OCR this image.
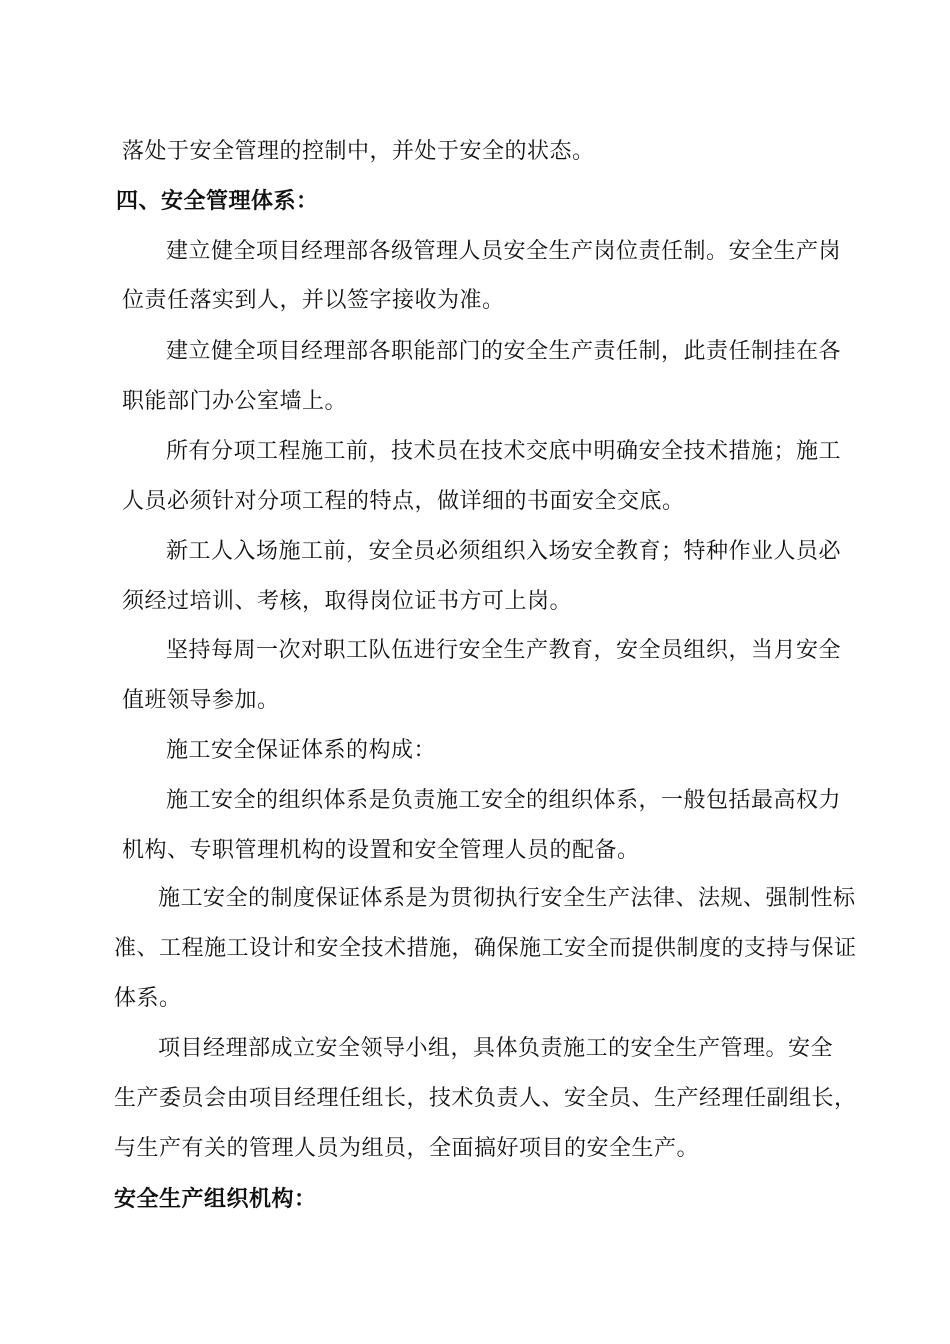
落处于安全管理的控制中，并处于安全的状态。
四、安全管理体系：
建立健全项目经理部各级管理人员安全生产岗位责任制。安全生产岗
位责任落实到人，并以签字接收为准。
建立健全项目经理部各职能部门的安全生产责任制，此责任制挂在各
职能部门办公室墙上。
所有分项工程施工前，技术员在技术交底中明确安全技术措施；施工
人员必须针对分项工程的特点，做详细的书面安全交底。
新工人入场施工前，安全员必须组织入场安全教育；特种作业人员必
须经过培训、考核，取得岗位证书方可上岗。
坚持每周一次对职工队伍进行安全生产教育，安全员组织，当月安全
值班领导参加。
施工安全保证体系的构成：
施工安全的组织体系是负责施工安全的组织体系，一般包括最高权力
机构、专职管理机构的设置和安全管理人员的配备。
施工安全的制度保证体系是为贯彻执行安全生产法律、法规、强制性标
准、工程施工设计和安全技术措施，确保施工安全而提供制度的支持与保证
体系。
项目经理部成立安全领导小组，具体负责施工的安全生产管理。安全
生产委员会由项目经理任组长，技术负责人、安全员、生产经理任副组长，
与生产有关的管理人员为组员，全面搞好项目的安全生产。
安全生产组织机构：
